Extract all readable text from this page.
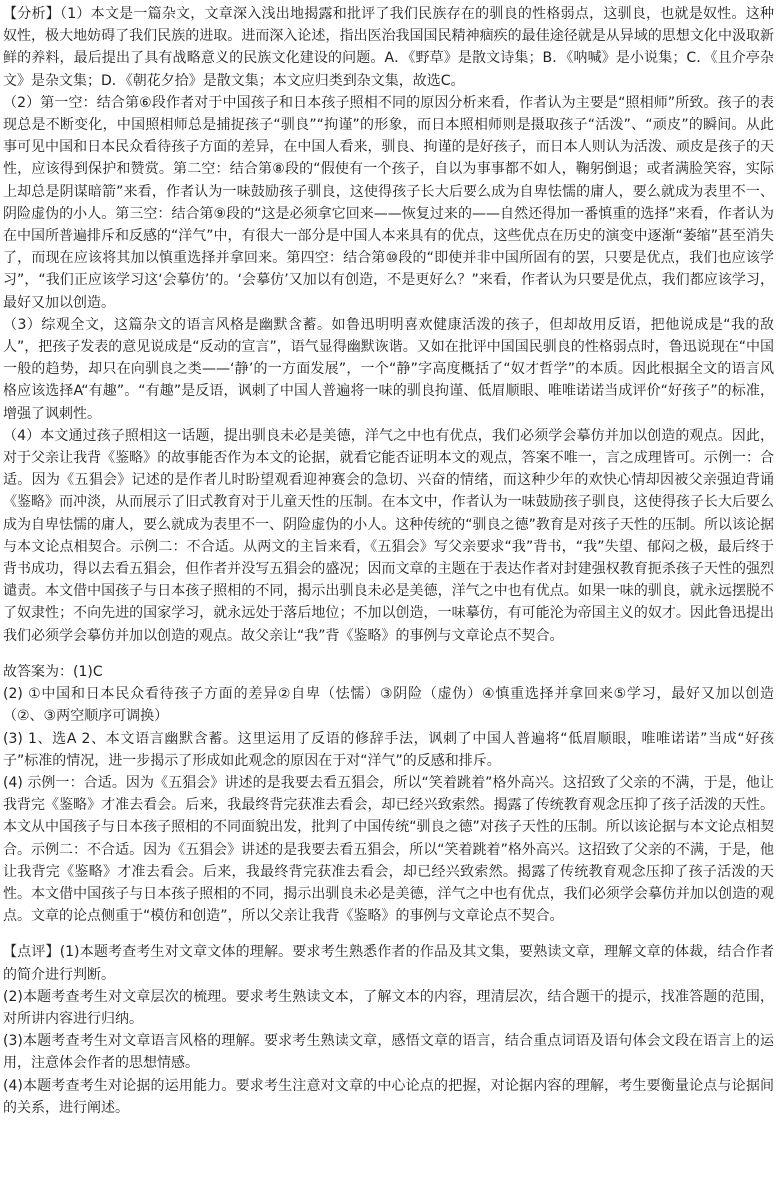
【分析】（1）本文是一篇杂文，文章深入浅出地揭露和批评了我们民族存在的驯良的性格弱点，这驯良，也就是奴性。这种奴性，极大地妨碍了我们民族的进取。进而深入论述，指出医治我国国民精神痼疾的最佳途径就是从异域的思想文化中汲取新鲜的养料，最后提出了具有战略意义的民族文化建设的问题。A．《野草》是散文诗集；B．《呐喊》是小说集；C．《且介亭杂文》是杂文集；D．《朝花夕拾》是散文集；本文应归类到杂文集，故选C。

（2）第一空：结合第⑥段作者对于中国孩子和日本孩子照相不同的原因分析来看，作者认为主要是“照相师”所致。孩子的表现总是不断变化，中国照相师总是捕捉孩子“驯良”“拘谨”的形象，而日本照相师则是摄取孩子“活泼”、“顽皮”的瞬间。从此事可见中国和日本民众看待孩子方面的差异，在中国人看来，驯良、拘谨的是好孩子，而日本人则认为活泼、顽皮是孩子的天性，应该得到保护和赞赏。第二空：结合第⑧段的“假使有一个孩子，自以为事事都不如人，鞠躬倒退；或者满脸笑容，实际上却总是阴谋暗箭”来看，作者认为一味鼓励孩子驯良，这使得孩子长大后要么成为自卑怯懦的庸人，要么就成为表里不一、阴险虚伪的小人。第三空：结合第⑨段的“这是必须拿它回来——恢复过来的——自然还得加一番慎重的选择”来看，作者认为在中国所普遍排斥和反感的“洋气”中，有很大一部分是中国人本来具有的优点，这些优点在历史的演变中逐渐“萎缩”甚至消失了，而现在应该将其加以慎重选择并拿回来。第四空：结合第⑩段的“即使并非中国所固有的罢，只要是优点，我们也应该学习”，“我们正应该学习这‘会摹仿’的。‘会摹仿’又加以有创造，不是更好么？”来看，作者认为只要是优点，我们都应该学习，最好又加以创造。

（3）综观全文，这篇杂文的语言风格是幽默含蓄。如鲁迅明明喜欢健康活泼的孩子，但却故用反语，把他说成是“我的敌人”，把孩子发表的意见说成是“反动的宣言”，语气显得幽默诙谐。又如在批评中国国民驯良的性格弱点时，鲁迅说现在“中国一般的趋势，却只在向驯良之类——‘静’的一方面发展”，一个“静”字高度概括了“奴才哲学”的本质。因此根据全文的语言风格应该选择A“有趣”。“有趣”是反语，讽刺了中国人普遍将一味的驯良拘谨、低眉顺眼、唯唯诺诺当成评价“好孩子”的标准，增强了讽刺性。

（4）本文通过孩子照相这一话题，提出驯良未必是美德，洋气之中也有优点，我们必须学会摹仿并加以创造的观点。因此，对于父亲让我背《鉴略》的故事能否作为本文的论据，就看它能否证明本文的观点，答案不唯一，言之成理皆可。示例一：合适。因为《五猖会》记述的是作者儿时盼望观看迎神赛会的急切、兴奋的情绪，而这种少年的欢快心情却因被父亲强迫背诵《鉴略》而冲淡，从而展示了旧式教育对于儿童天性的压制。在本文中，作者认为一味鼓励孩子驯良，这使得孩子长大后要么成为自卑怯懦的庸人，要么就成为表里不一、阴险虚伪的小人。这种传统的“驯良之德”教育是对孩子天性的压制。所以该论据与本文论点相契合。示例二：不合适。从两文的主旨来看，《五猖会》写父亲要求“我”背书，“我”失望、郁闷之极，最后终于背书成功，得以去看五猖会，但作者并没写五猖会的盛况；因而文章的主题在于表达作者对封建强权教育扼杀孩子天性的强烈谴责。本文借中国孩子与日本孩子照相的不同，揭示出驯良未必是美德，洋气之中也有优点。如果一味的驯良，就永远摆脱不了奴隶性；不向先进的国家学习，就永远处于落后地位；不加以创造，一味摹仿，有可能沦为帝国主义的奴才。因此鲁迅提出我们必须学会摹仿并加以创造的观点。故父亲让“我”背《鉴略》的事例与文章论点不契合。

故答案为：(1)C

(2) ①中国和日本民众看待孩子方面的差异②自卑（怯懦）③阴险（虚伪）④慎重选择并拿回来⑤学习，最好又加以创造（②、③两空顺序可调换）

(3) 1、选A 2、本文语言幽默含蓄。这里运用了反语的修辞手法，讽刺了中国人普遍将“低眉顺眼，唯唯诺诺”当成“好孩子”标准的情况，进一步揭示了形成如此观念的原因在于对“洋气”的反感和排斥。

(4) 示例一：合适。因为《五猖会》讲述的是我要去看五猖会，所以“笑着跳着”格外高兴。这招致了父亲的不满，于是，他让我背完《鉴略》才准去看会。后来，我最终背完获准去看会，却已经兴致索然。揭露了传统教育观念压抑了孩子活泼的天性。本文从中国孩子与日本孩子照相的不同面貌出发，批判了中国传统“驯良之德”对孩子天性的压制。所以该论据与本文论点相契合。示例二：不合适。因为《五猖会》讲述的是我要去看五猖会，所以“笑着跳着”格外高兴。这招致了父亲的不满，于是，他让我背完《鉴略》才准去看会。后来，我最终背完获准去看会，却已经兴致索然。揭露了传统教育观念压抑了孩子活泼的天性。本文借中国孩子与日本孩子照相的不同，揭示出驯良未必是美德，洋气之中也有优点，我们必须学会摹仿并加以创造的观点。文章的论点侧重于“模仿和创造”，所以父亲让我背《鉴略》的事例与文章论点不契合。

【点评】(1)本题考查考生对文章文体的理解。要求考生熟悉作者的作品及其文集，要熟读文章，理解文章的体裁，结合作者的简介进行判断。

(2)本题考查考生对文章层次的梳理。要求考生熟读文本，了解文本的内容，理清层次，结合题干的提示，找准答题的范围，对所讲内容进行归纳。

(3)本题考查考生对文章语言风格的理解。要求考生熟读文章，感悟文章的语言，结合重点词语及语句体会文段在语言上的运用，注意体会作者的思想情感。

(4)本题考查考生对论据的运用能力。要求考生注意对文章的中心论点的把握，对论据内容的理解，考生要衡量论点与论据间的关系，进行阐述。
